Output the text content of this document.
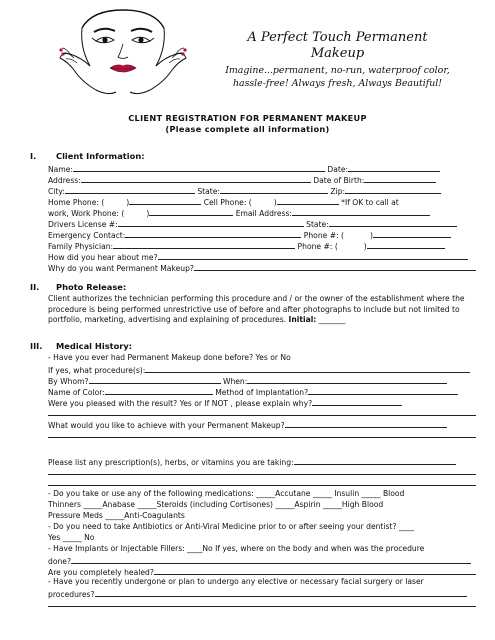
A Perfect Touch Permanent
Makeup
Imagine...permanent, no-run, waterproof color,
hassle-free! Always fresh, Always Beautiful!
CLIENT REGISTRATION FOR PERMANENT MAKEUP
(Please complete all information)
I. Client Information:
Name:	Date:
Address:	Date of Birth:
City:	State:	Zip:
Home Phone: (	)	Cell Phone: (	)	*If OK to call at
work, Work Phone: (	)	Email Address:
Drivers License #:	State:
Emergency Contact:	Phone #: (	)
Family Physician:	Phone #: (	)
How did you hear about me?
Why do you want Permanent Makeup?
II. Photo Release:
Client authorizes the technician performing this procedure and / or the owner of the establishment where the procedure is being performed unrestrictive use of before and after photographs to include but not limited to portfolio, marketing, advertising and explaining of procedures. Initial: _______
III. Medical History:
- Have you ever had Permanent Makeup done before? Yes or No
If yes, what procedure(s):
By Whom?	When:
Name of Color:	Method of Implantation?
Were you pleased with the result? Yes or If NOT , please explain why?
What would you like to achieve with your Permanent Makeup?
Please list any prescription(s), herbs, or vitamins you are taking:
- Do you take or use any of the following medications: _____Accutane _____ Insulin _____ Blood
Thinners _____Anabase _____Steroids (including Cortisones) _____Aspirin _____High Blood
Pressure Meds _____Anti-Coagulants
- Do you need to take Antibiotics or Anti-Viral Medicine prior to or after seeing your dentist? ____
Yes _____ No
- Have Implants or Injectable Fillers: ____No If yes, where on the body and when was the procedure
done?
Are you completely healed?
- Have you recently undergone or plan to undergo any elective or necessary facial surgery or laser
procedures?
